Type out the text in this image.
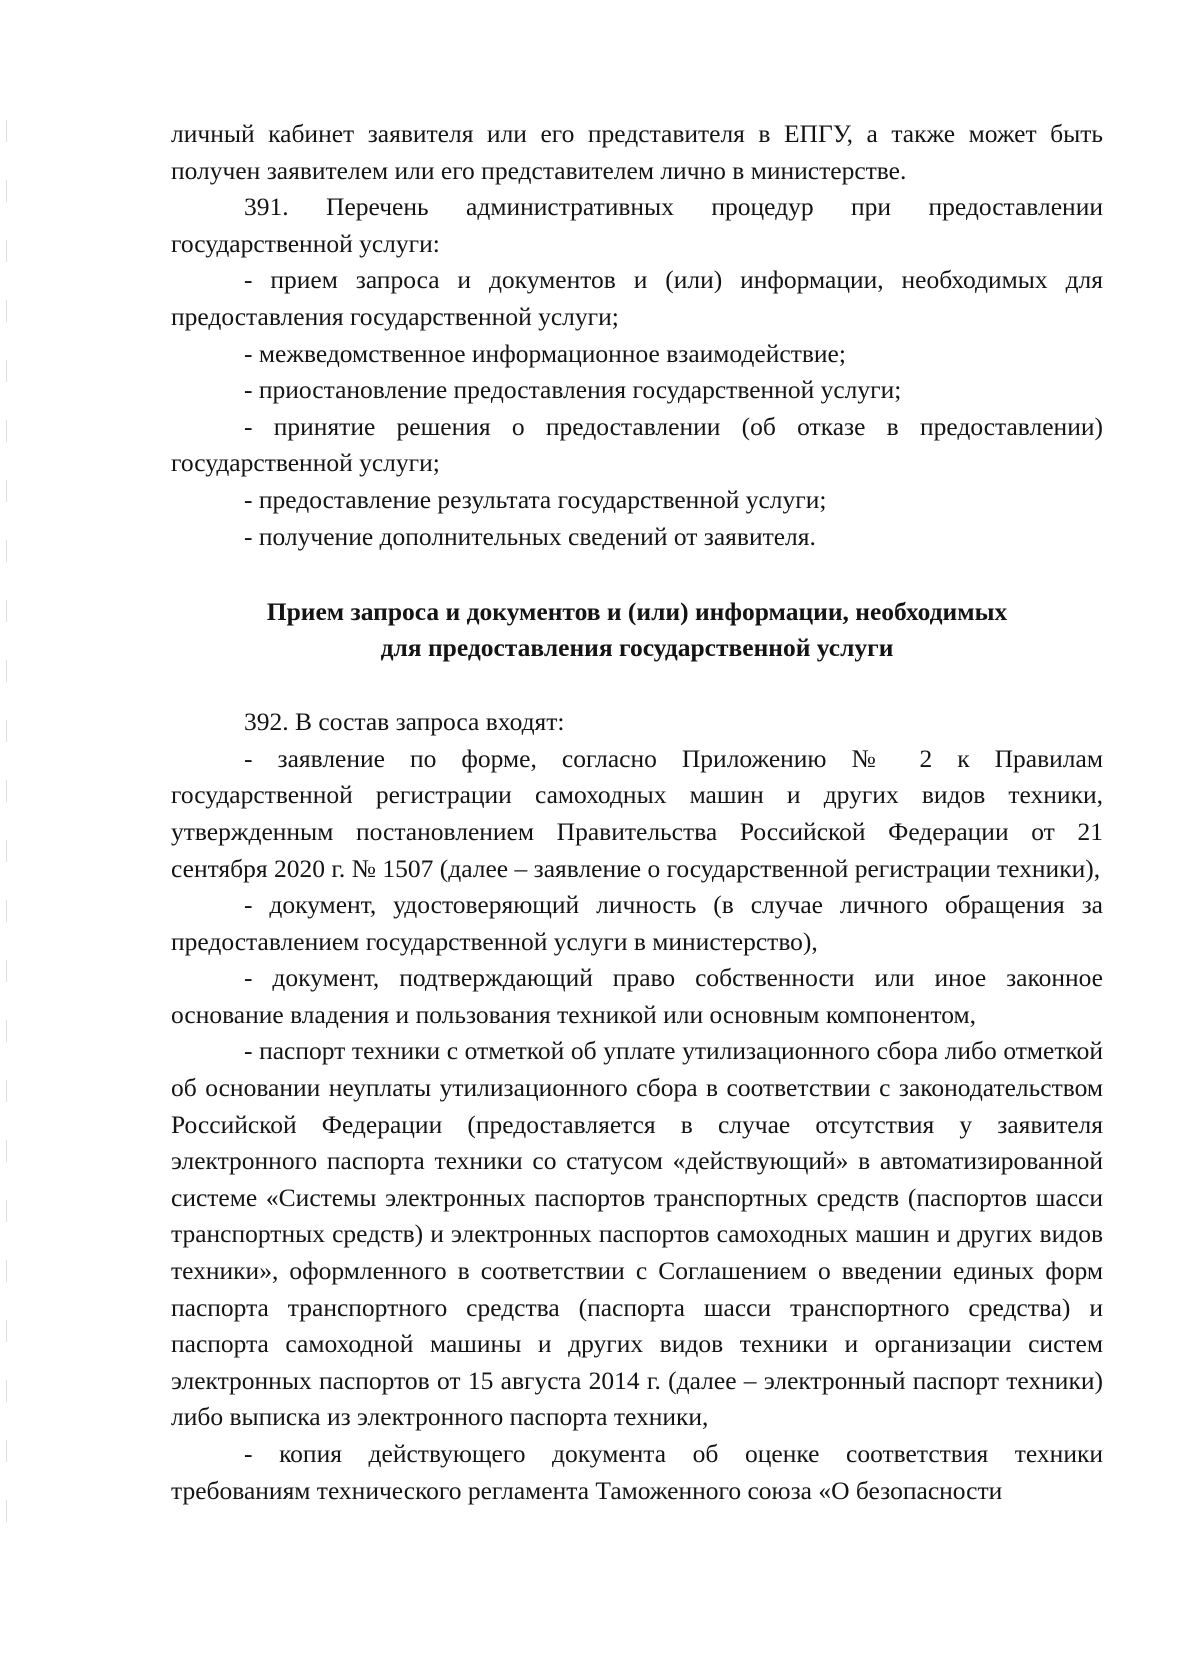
личный кабинет заявителя или его представителя в ЕПГУ, а также может быть получен заявителем или его представителем лично в министерстве.

391. Перечень административных процедур при предоставлении государственной услуги:

- прием запроса и документов и (или) информации, необходимых для предоставления государственной услуги;

- межведомственное информационное взаимодействие;

- приостановление предоставления государственной услуги;

- принятие решения о предоставлении (об отказе в предоставлении) государственной услуги;

- предоставление результата государственной услуги;

- получение дополнительных сведений от заявителя.

Прием запроса и документов и (или) информации, необходимых
для предоставления государственной услуги

392. В состав запроса входят:

- заявление по форме, согласно Приложению № 2 к Правилам государственной регистрации самоходных машин и других видов техники, утвержденным постановлением Правительства Российской Федерации от 21 сентября 2020 г. № 1507 (далее – заявление о государственной регистрации техники),

- документ, удостоверяющий личность (в случае личного обращения за предоставлением государственной услуги в министерство),

- документ, подтверждающий право собственности или иное законное основание владения и пользования техникой или основным компонентом,

- паспорт техники с отметкой об уплате утилизационного сбора либо отметкой об основании неуплаты утилизационного сбора в соответствии с законодательством Российской Федерации (предоставляется в случае отсутствия у заявителя электронного паспорта техники со статусом «действующий» в автоматизированной системе «Системы электронных паспортов транспортных средств (паспортов шасси транспортных средств) и электронных паспортов самоходных машин и других видов техники», оформленного в соответствии с Соглашением о введении единых форм паспорта транспортного средства (паспорта шасси транспортного средства) и паспорта самоходной машины и других видов техники и организации систем электронных паспортов от 15 августа 2014 г. (далее – электронный паспорт техники) либо выписка из электронного паспорта техники,

- копия действующего документа об оценке соответствия техники требованиям технического регламента Таможенного союза «О безопасности
